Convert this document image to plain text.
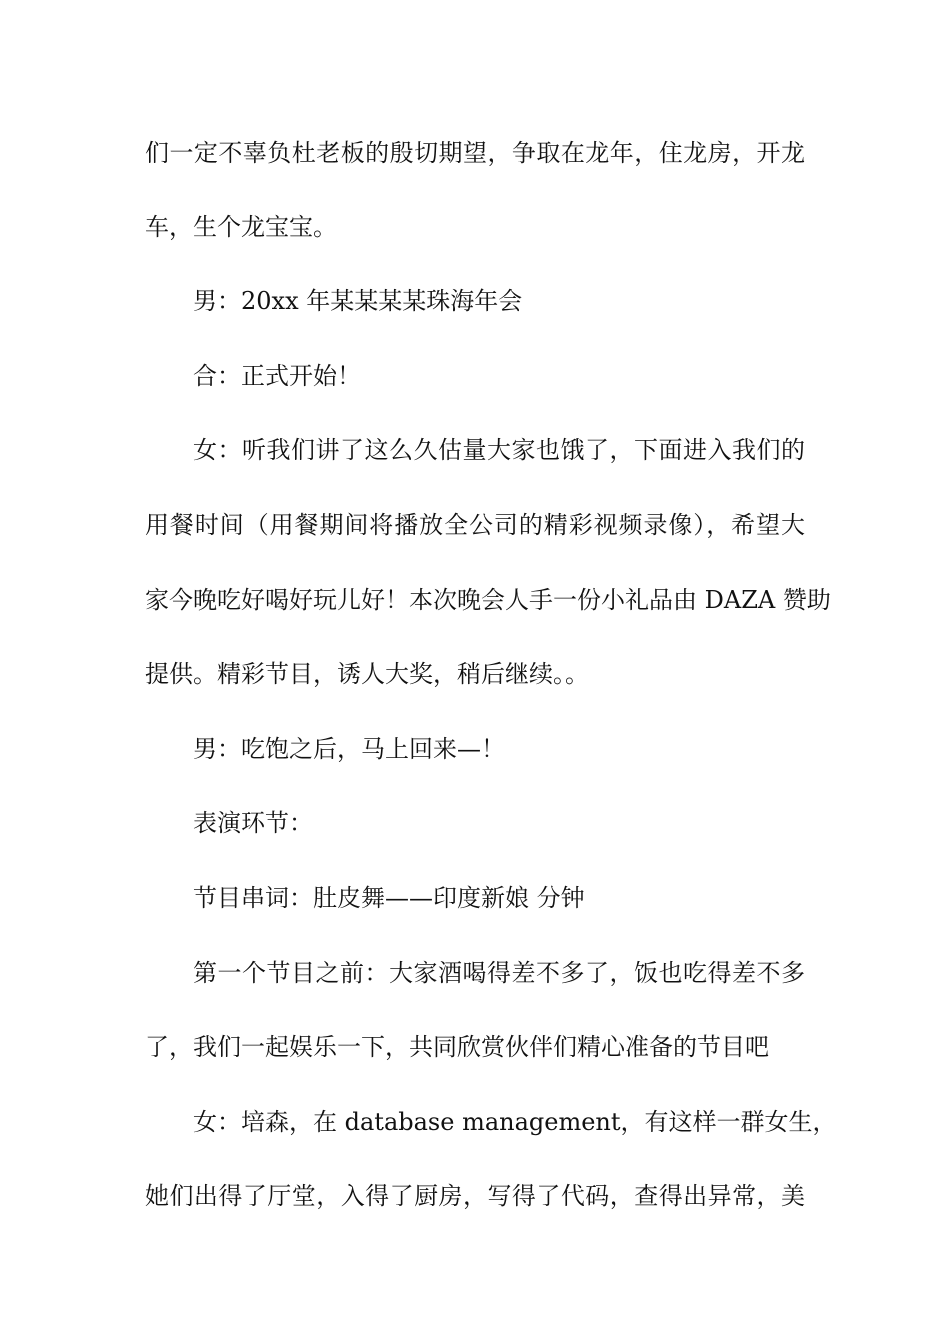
们一定不辜负杜老板的殷切期望，争取在龙年，住龙房，开龙
车，生个龙宝宝。
男：20xx 年某某某某珠海年会
合：正式开始！
女：听我们讲了这么久估量大家也饿了，下面进入我们的
用餐时间（用餐期间将播放全公司的精彩视频录像），希望大
家今晚吃好喝好玩儿好！本次晚会人手一份小礼品由 DAZA 赞助
提供。精彩节目，诱人大奖，稍后继续。。
男：吃饱之后，马上回来—！
表演环节：
节目串词：肚皮舞——印度新娘 分钟
第一个节目之前：大家酒喝得差不多了，饭也吃得差不多
了，我们一起娱乐一下，共同欣赏伙伴们精心准备的节目吧
女：培森，在 database management，有这样一群女生，
她们出得了厅堂，入得了厨房，写得了代码，查得出异常，美
